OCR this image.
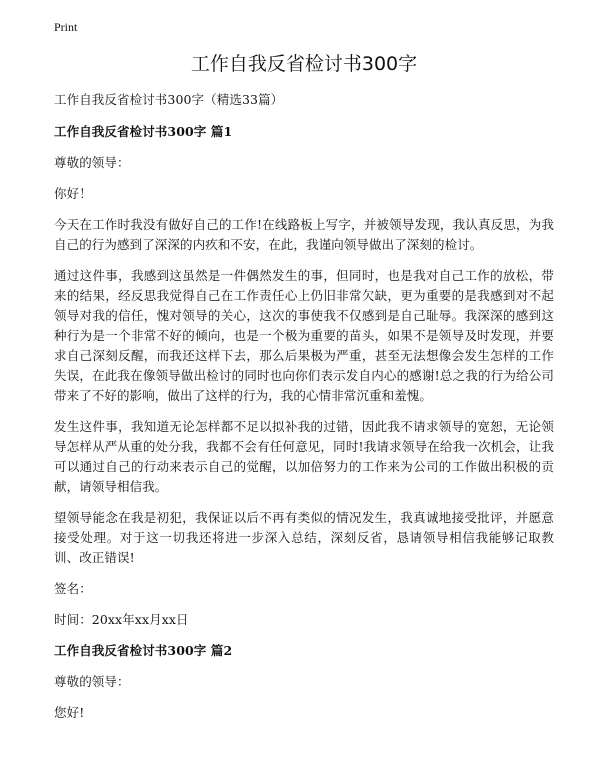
Print
工作自我反省检讨书300字

工作自我反省检讨书300字（精选33篇）

工作自我反省检讨书300字 篇1

尊敬的领导：

你好！

今天在工作时我没有做好自己的工作!在线路板上写字，并被领导发现，我认真反思，为我自己的行为感到了深深的内疚和不安，在此，我谨向领导做出了深刻的检讨。

通过这件事，我感到这虽然是一件偶然发生的事，但同时，也是我对自己工作的放松，带来的结果，经反思我觉得自己在工作责任心上仍旧非常欠缺，更为重要的是我感到对不起领导对我的信任，愧对领导的关心，这次的事使我不仅感到是自己耻辱。我深深的感到这种行为是一个非常不好的倾向，也是一个极为重要的苗头，如果不是领导及时发现，并要求自己深刻反醒，而我还这样下去，那么后果极为严重，甚至无法想像会发生怎样的工作失误，在此我在像领导做出检讨的同时也向你们表示发自内心的感谢!总之我的行为给公司带来了不好的影响，做出了这样的行为，我的心情非常沉重和羞愧。

发生这件事，我知道无论怎样都不足以拟补我的过错，因此我不请求领导的宽恕，无论领导怎样从严从重的处分我，我都不会有任何意见，同时!我请求领导在给我一次机会，让我可以通过自己的行动来表示自己的觉醒，以加倍努力的工作来为公司的工作做出积极的贡献，请领导相信我。

望领导能念在我是初犯，我保证以后不再有类似的情况发生，我真诚地接受批评，并愿意接受处理。对于这一切我还将进一步深入总结，深刻反省，恳请领导相信我能够记取教训、改正错误!

签名：

时间：20xx年xx月xx日

工作自我反省检讨书300字 篇2

尊敬的领导：

您好!
